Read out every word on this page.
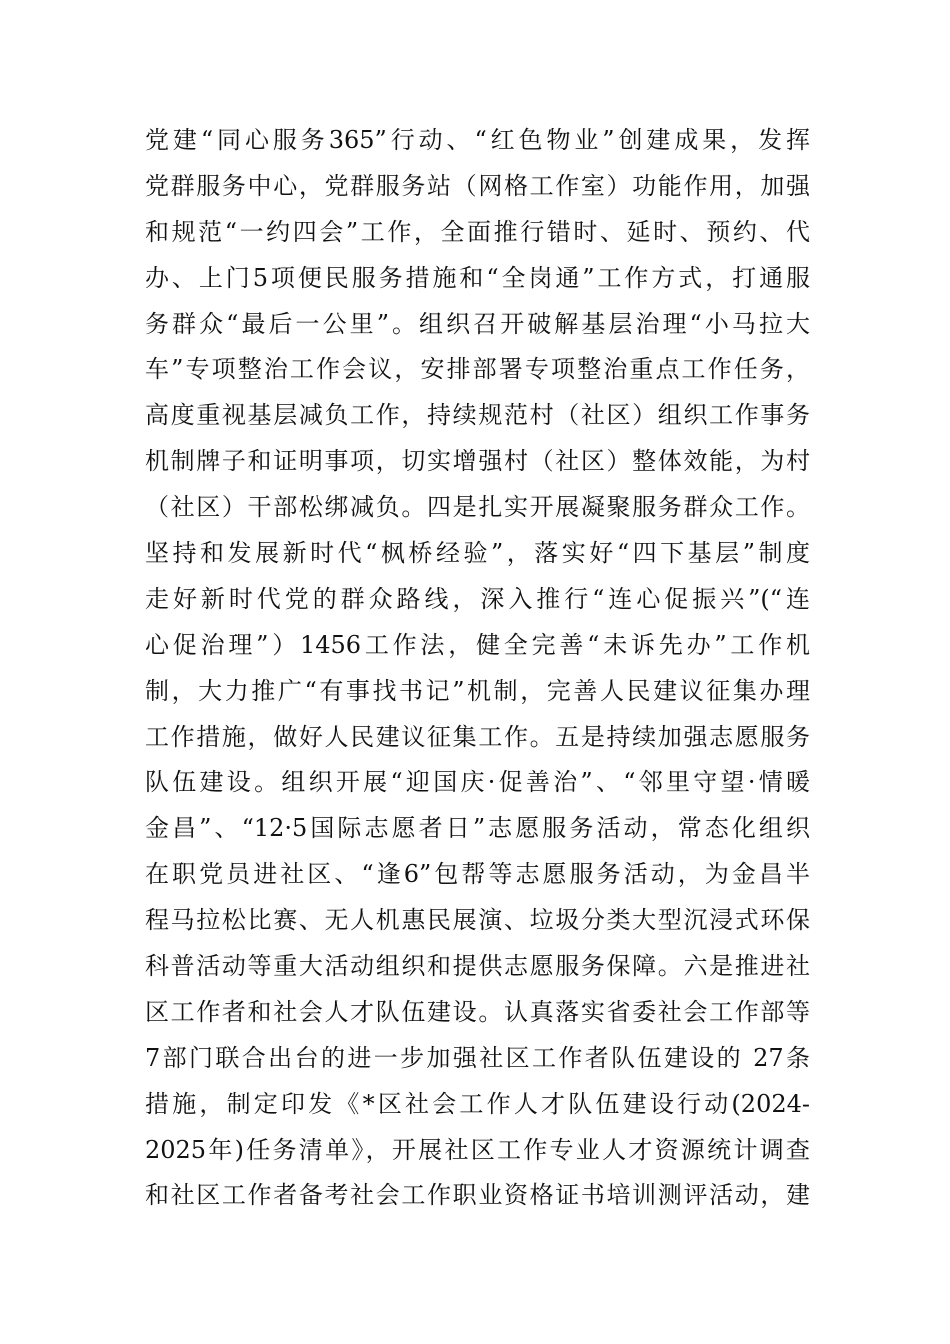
党建“同心服务365”行动、“红色物业”创建成果，发挥
党群服务中心，党群服务站（网格工作室）功能作用，加强
和规范“一约四会”工作，全面推行错时、延时、预约、代
办、上门5项便民服务措施和“全岗通”工作方式，打通服
务群众“最后一公里”。组织召开破解基层治理“小马拉大
车”专项整治工作会议，安排部署专项整治重点工作任务，
高度重视基层减负工作，持续规范村（社区）组织工作事务
机制牌子和证明事项，切实增强村（社区）整体效能，为村
（社区）干部松绑减负。四是扎实开展凝聚服务群众工作。
坚持和发展新时代“枫桥经验”，落实好“四下基层”制度
走好新时代党的群众路线，深入推行“连心促振兴”(“连
心促治理”）1456工作法，健全完善“未诉先办”工作机
制，大力推广“有事找书记”机制，完善人民建议征集办理
工作措施，做好人民建议征集工作。五是持续加强志愿服务
队伍建设。组织开展“迎国庆·促善治”、“邻里守望·情暖
金昌”、“12·5国际志愿者日”志愿服务活动，常态化组织
在职党员进社区、“逢6”包帮等志愿服务活动，为金昌半
程马拉松比赛、无人机惠民展演、垃圾分类大型沉浸式环保
科普活动等重大活动组织和提供志愿服务保障。六是推进社
区工作者和社会人才队伍建设。认真落实省委社会工作部等
7部门联合出台的进一步加强社区工作者队伍建设的 27条
措施，制定印发《*区社会工作人才队伍建设行动(2024-
2025年)任务清单》，开展社区工作专业人才资源统计调查
和社区工作者备考社会工作职业资格证书培训测评活动，建
